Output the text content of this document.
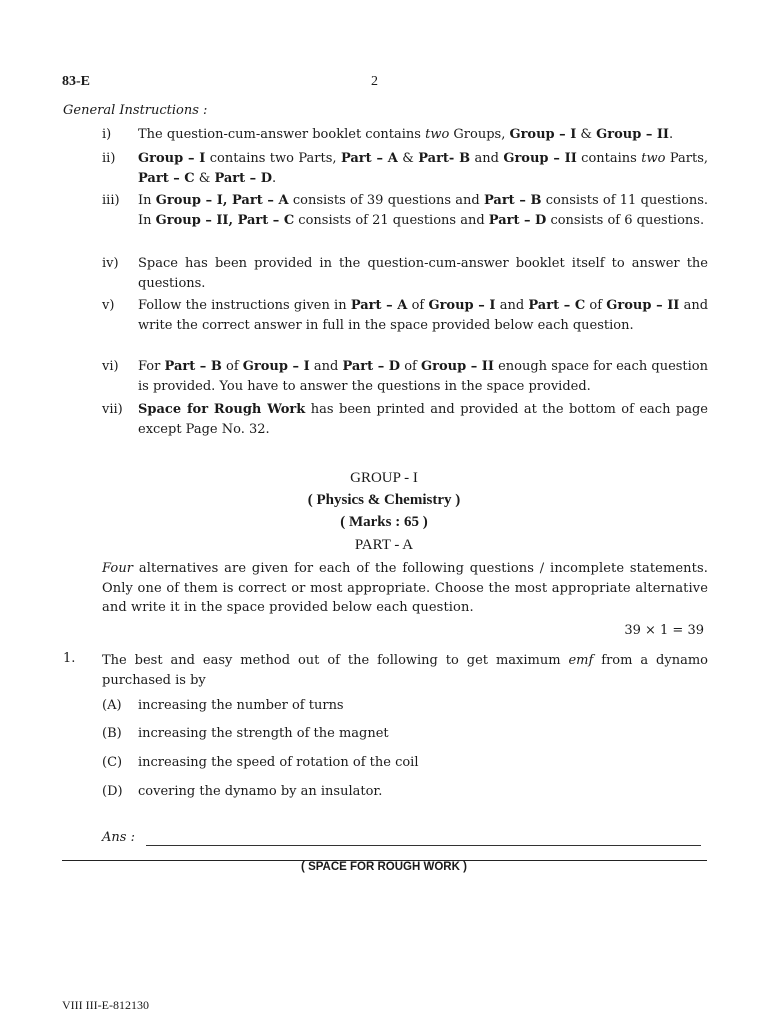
83-E	2
General Instructions :
i)	The question-cum-answer booklet contains two Groups, Group – I & Group – II.
ii)	Group – I contains two Parts, Part – A & Part- B and Group – II contains two Parts, Part – C & Part – D.
iii)	In Group – I, Part – A consists of 39 questions and Part – B consists of 11 questions. In Group – II, Part – C consists of 21 questions and Part – D consists of 6 questions.
iv)	Space has been provided in the question-cum-answer booklet itself to answer the questions.
v)	Follow the instructions given in Part – A of Group – I and Part – C of Group – II and write the correct answer in full in the space provided below each question.
vi)	For Part – B of Group – I and Part – D of Group – II enough space for each question is provided. You have to answer the questions in the space provided.
vii)	Space for Rough Work has been printed and provided at the bottom of each page except Page No. 32.
GROUP - I
( Physics & Chemistry )
( Marks : 65 )
PART - A
Four alternatives are given for each of the following questions / incomplete statements. Only one of them is correct or most appropriate. Choose the most appropriate alternative and write it in the space provided below each question.
39 × 1 = 39
1. The best and easy method out of the following to get maximum emf from a dynamo purchased is by
(A) increasing the number of turns
(B) increasing the strength of the magnet
(C) increasing the speed of rotation of the coil
(D) covering the dynamo by an insulator.
Ans :
( SPACE FOR ROUGH WORK )
VIII III-E-812130
